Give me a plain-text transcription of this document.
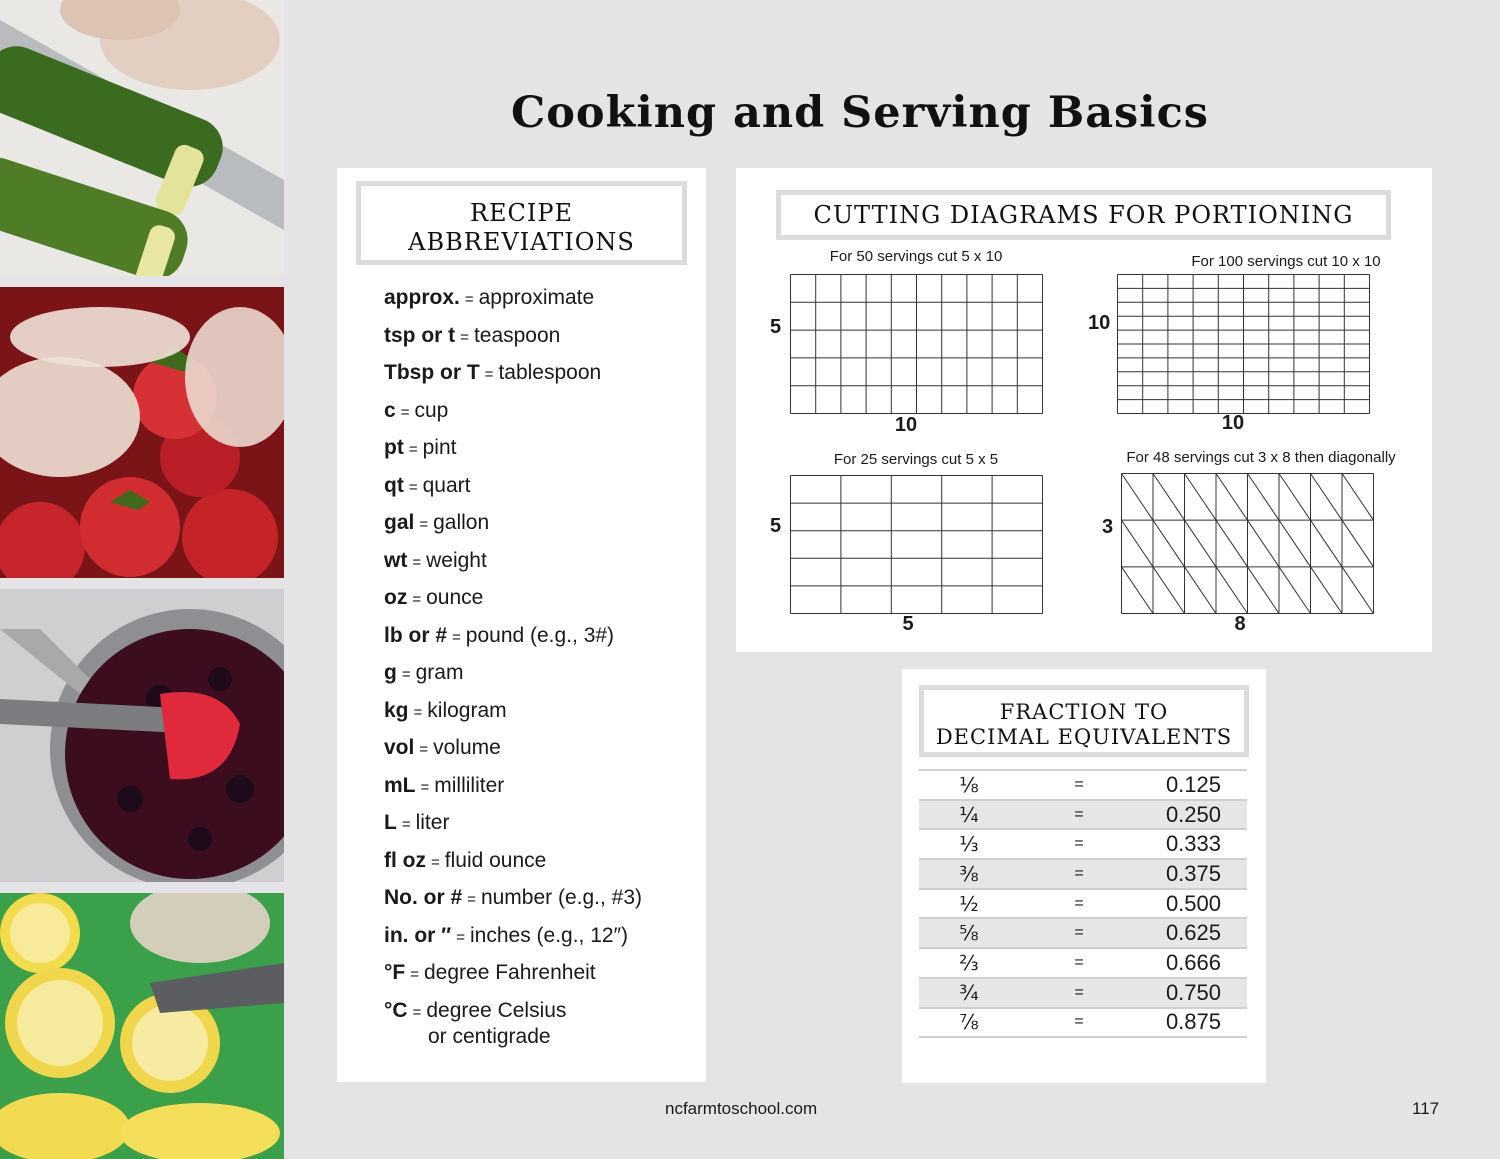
Cooking and Serving Basics
RECIPE
ABBREVIATIONS
approx. = approximate
tsp or t = teaspoon
Tbsp or T = tablespoon
c = cup
pt = pint
qt = quart
gal = gallon
wt = weight
oz = ounce
lb or # = pound (e.g., 3#)
g = gram
kg = kilogram
vol = volume
mL = milliliter
L = liter
fl oz = fluid ounce
No. or # = number (e.g., #3)
in. or ″ = inches (e.g., 12″)
°F = degree Fahrenheit
°C = degree Celsius
or centigrade
CUTTING DIAGRAMS FOR PORTIONING
For 50 servings cut 5 x 10
5
10
For 100 servings cut 10 x 10
10
10
For 25 servings cut 5 x 5
5
5
For 48 servings cut 3 x 8 then diagonally
3
8
FRACTION TO
DECIMAL EQUIVALENTS
⅛	=	0.125
¼	=	0.250
⅓	=	0.333
⅜	=	0.375
½	=	0.500
⅝	=	0.625
⅔	=	0.666
¾	=	0.750
⅞	=	0.875
ncfarmtoschool.com	117
